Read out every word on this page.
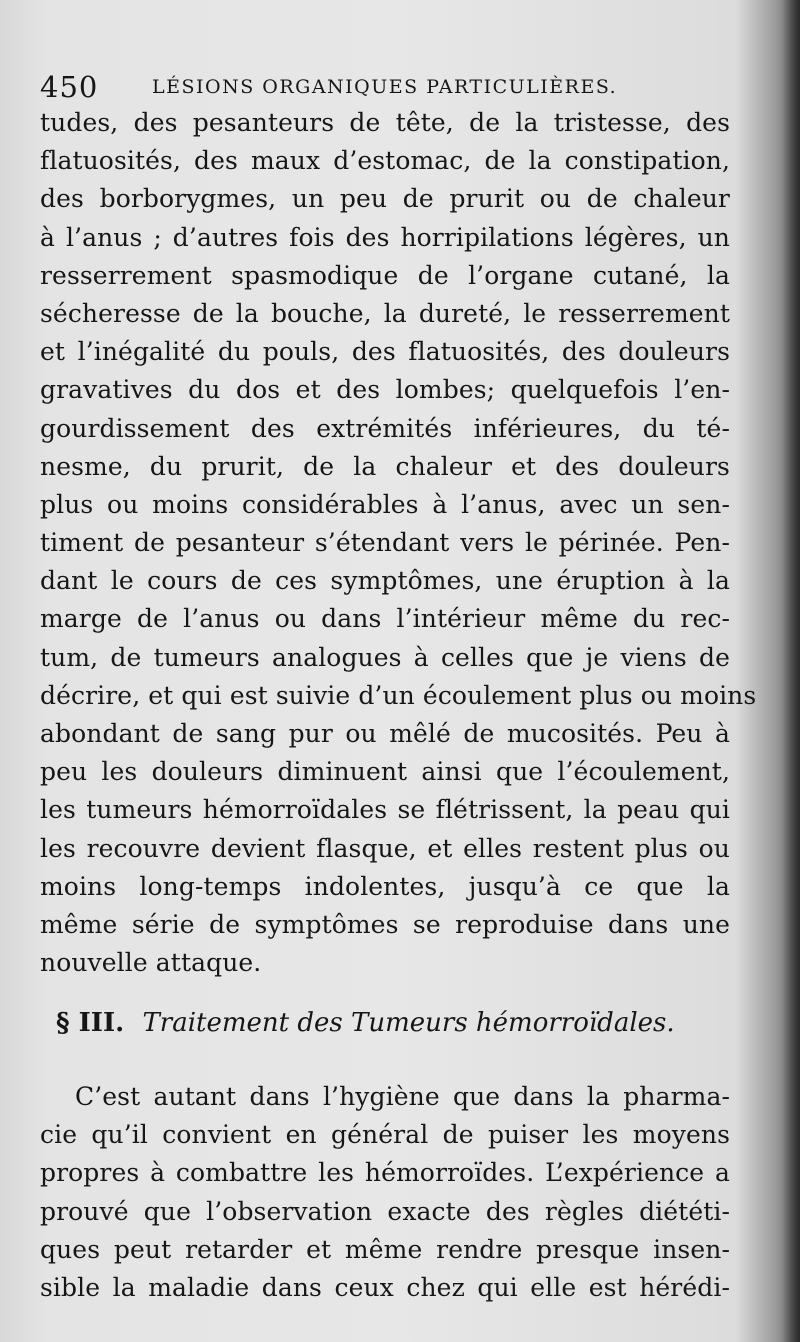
450	LÉSIONS ORGANIQUES PARTICULIÈRES.
tudes, des pesanteurs de tête, de la tristesse, des
flatuosités, des maux d’estomac, de la constipation,
des borborygmes, un peu de prurit ou de chaleur
à l’anus ; d’autres fois des horripilations légères, un
resserrement spasmodique de l’organe cutané, la
sécheresse de la bouche, la dureté, le resserrement
et l’inégalité du pouls, des flatuosités, des douleurs
gravatives du dos et des lombes; quelquefois l’en-
gourdissement des extrémités inférieures, du té-
nesme, du prurit, de la chaleur et des douleurs
plus ou moins considérables à l’anus, avec un sen-
timent de pesanteur s’étendant vers le périnée. Pen-
dant le cours de ces symptômes, une éruption à la
marge de l’anus ou dans l’intérieur même du rec-
tum, de tumeurs analogues à celles que je viens de
décrire, et qui est suivie d’un écoulement plus ou moins
abondant de sang pur ou mêlé de mucosités. Peu à
peu les douleurs diminuent ainsi que l’écoulement,
les tumeurs hémorroïdales se flétrissent, la peau qui
les recouvre devient flasque, et elles restent plus ou
moins long-temps indolentes, jusqu’à ce que la
même série de symptômes se reproduise dans une
nouvelle attaque.
§ III. Traitement des Tumeurs hémorroïdales.
C’est autant dans l’hygiène que dans la pharma-
cie qu’il convient en général de puiser les moyens
propres à combattre les hémorroïdes. L’expérience a
prouvé que l’observation exacte des règles diététi-
ques peut retarder et même rendre presque insen-
sible la maladie dans ceux chez qui elle est hérédi-
